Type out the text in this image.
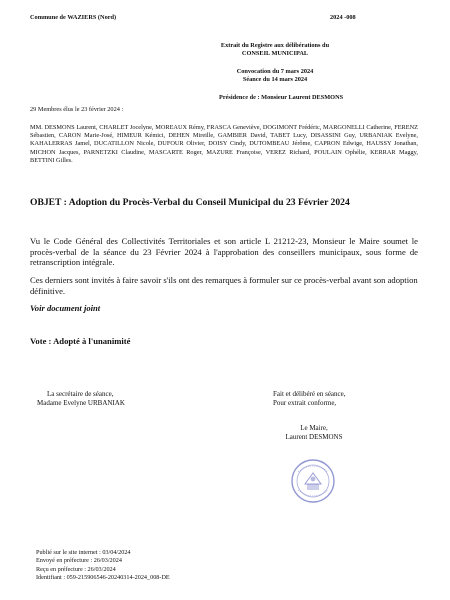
Commune de WAZIERS (Nord)	2024 -008
Extrait du Registre aux délibérations du
CONSEIL MUNICIPAL
Convocation du 7 mars 2024
Séance du 14 mars 2024
Présidence de : Monsieur Laurent DESMONS
29 Membres élus le 23 février 2024 :
MM. DESMONS Laurent, CHARLET Jocelyne, MOREAUX Rémy, FRASCA Geneviève, DOGIMONT Frédéric, MARGONELLI Catherine, FERENZ Sébastien, CARON Marie-José, HIMEUR Kémici, DEHEN Mireille, GAMBIER David, TABET Lucy, DISASSINI Guy, URBANIAK Evelyne, KAHALERRAS Jamel, DUCATILLON Nicole, DUFOUR Olivier, DOISY Cindy, DUTOMBEAU Jérôme, CAPRON Edwige, HAUSSY Jonathan, MICHON Jacques, PARNETZKI Claudine, MASCARTE Roger, MAZURE Françoise, VEREZ Richard, POULAIN Ophélie, KERRAR Maggy, BETTINI Gilles.
OBJET : Adoption du Procès-Verbal du Conseil Municipal du 23 Février 2024
Vu le Code Général des Collectivités Territoriales et son article L 21212-23, Monsieur le Maire soumet le procès-verbal de la séance du 23 Février 2024 à l'approbation des conseillers municipaux, sous forme de retranscription intégrale.
Ces derniers sont invités à faire savoir s'ils ont des remarques à formuler sur ce procès-verbal avant son adoption définitive.
Voir document joint
Vote : Adopté à l'unanimité
La secrétaire de séance,
Madame Evelyne URBANIAK
Fait et délibéré en séance,
Pour extrait conforme,
Le Maire,
Laurent DESMONS
Publié sur le site internet : 03/04/2024
Envoyé en préfecture : 26/03/2024
Reçu en préfecture : 26/03/2024
Identifiant : 059-215906546-20240314-2024_008-DE
